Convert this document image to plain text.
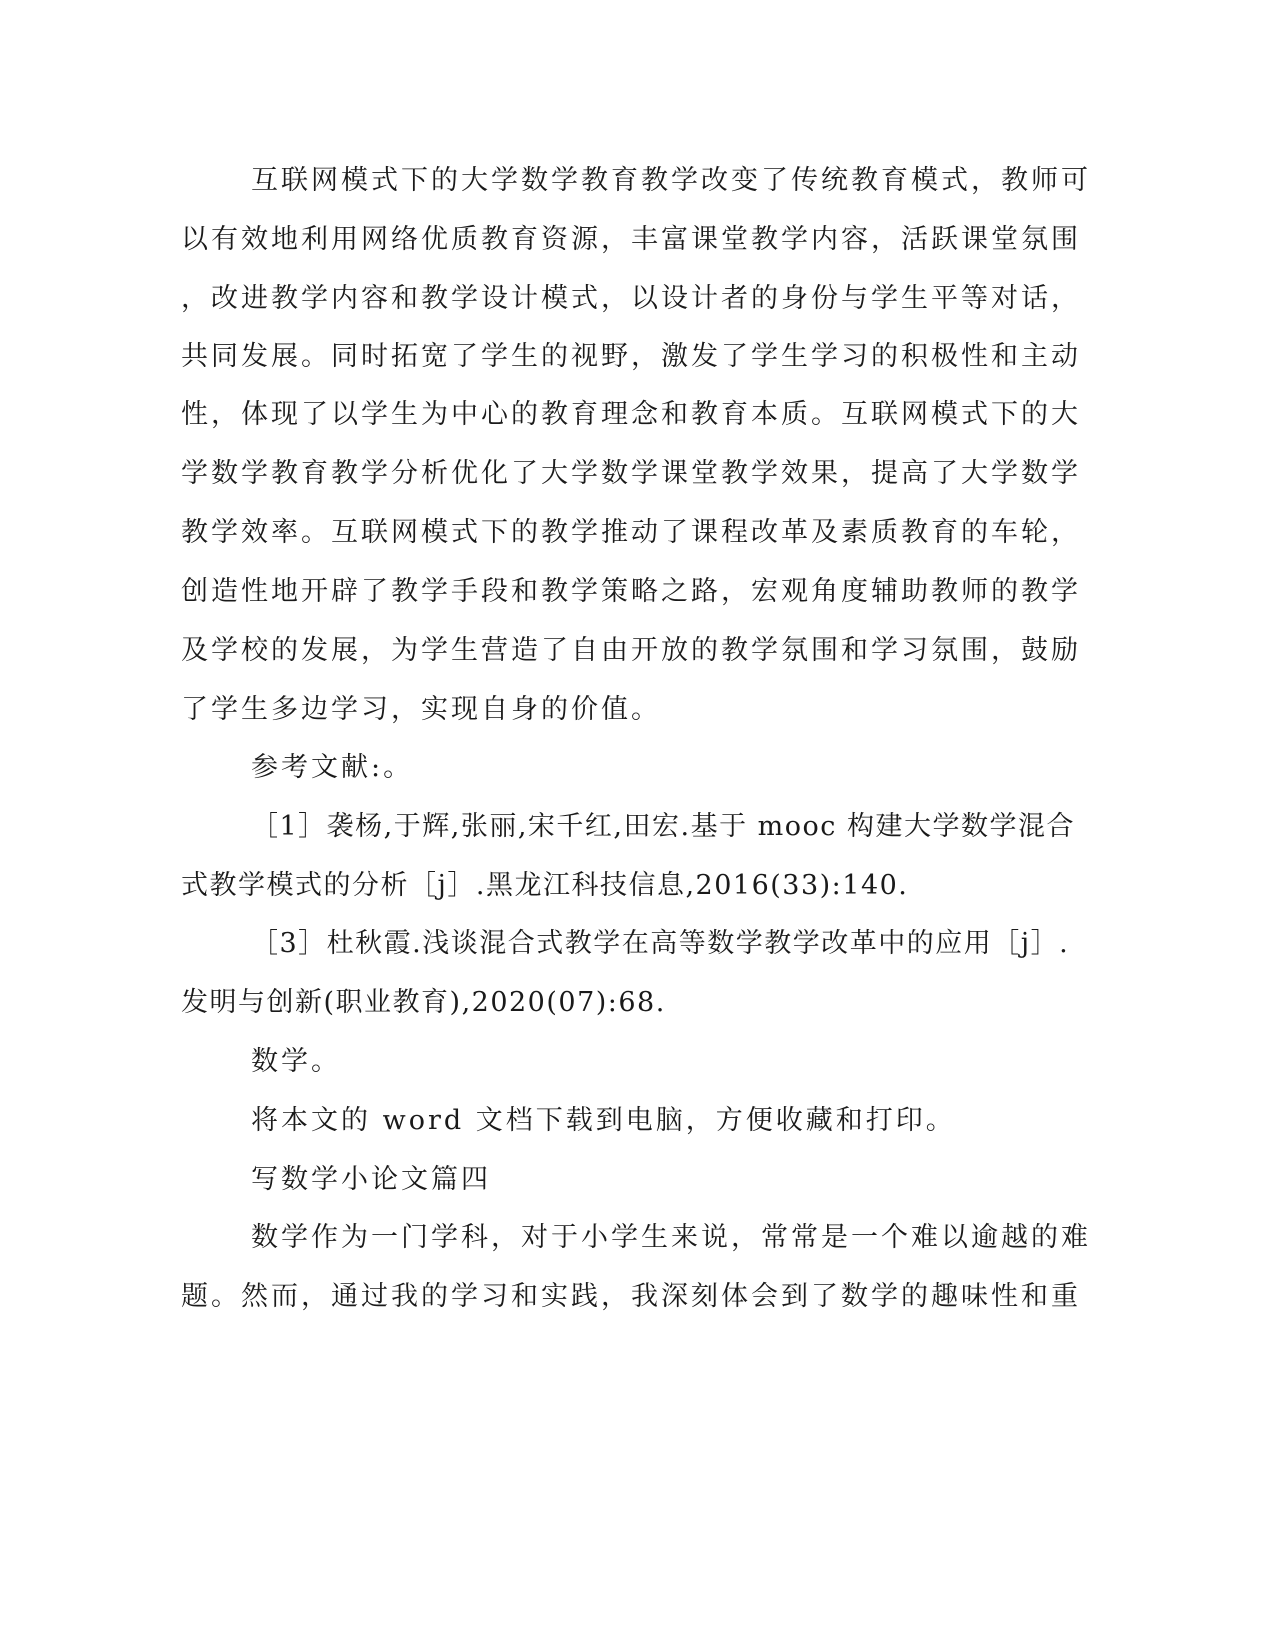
互联网模式下的大学数学教育教学改变了传统教育模式，教师可
以有效地利用网络优质教育资源，丰富课堂教学内容，活跃课堂氛围
，改进教学内容和教学设计模式，以设计者的身份与学生平等对话，
共同发展。同时拓宽了学生的视野，激发了学生学习的积极性和主动
性，体现了以学生为中心的教育理念和教育本质。互联网模式下的大
学数学教育教学分析优化了大学数学课堂教学效果，提高了大学数学
教学效率。互联网模式下的教学推动了课程改革及素质教育的车轮，
创造性地开辟了教学手段和教学策略之路，宏观角度辅助教师的教学
及学校的发展，为学生营造了自由开放的教学氛围和学习氛围，鼓励
了学生多边学习，实现自身的价值。
参考文献:。
［1］袭杨,于辉,张丽,宋千红,田宏.基于 mooc 构建大学数学混合
式教学模式的分析［j］.黑龙江科技信息,2016(33):140.
［3］杜秋霞.浅谈混合式教学在高等数学教学改革中的应用［j］.
发明与创新(职业教育),2020(07):68.
数学。
将本文的 word 文档下载到电脑，方便收藏和打印。
写数学小论文篇四
数学作为一门学科，对于小学生来说，常常是一个难以逾越的难
题。然而，通过我的学习和实践，我深刻体会到了数学的趣味性和重
